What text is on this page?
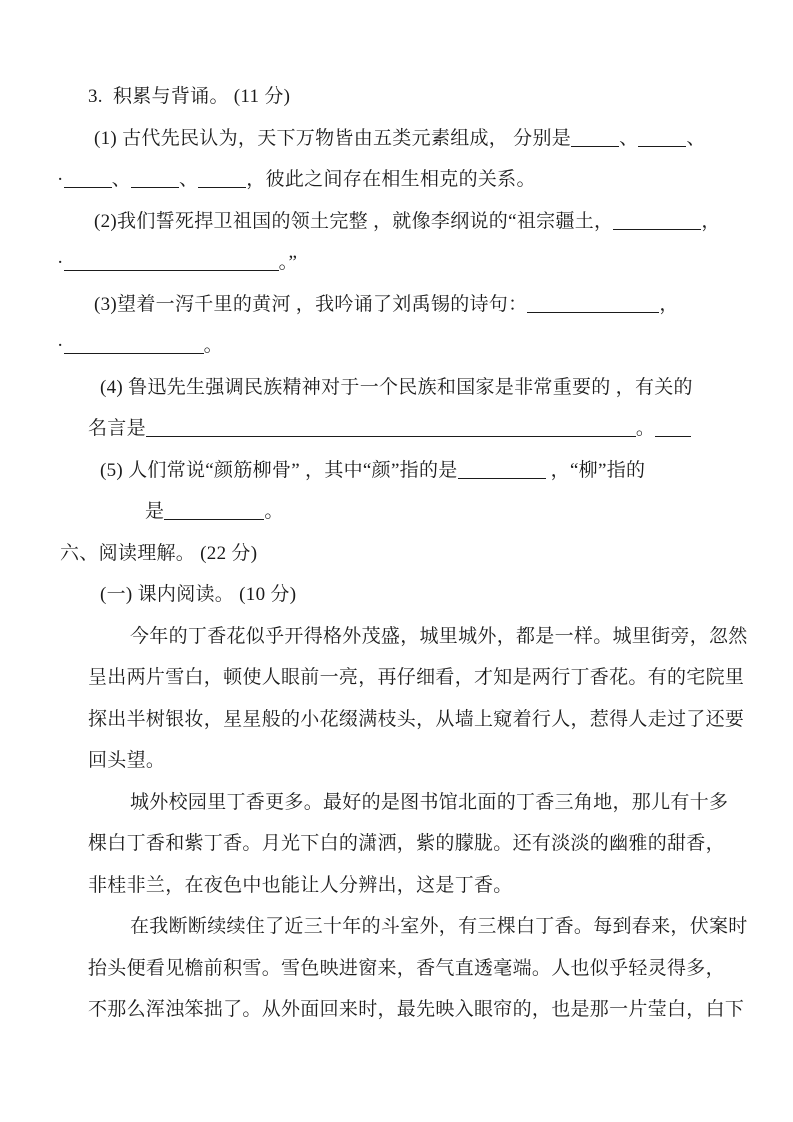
3.  积累与背诵。 (11 分)
(1) 古代先民认为，天下万物皆由五类元素组成， 分别是	、	、
·	、	、	，彼此之间存在相生相克的关系。
(2)我们誓死捍卫祖国的领土完整 ，就像李纲说的“祖宗疆土，	，
·	。”
(3)望着一泻千里的黄河 ，我吟诵了刘禹锡的诗句：	，
·	。
(4) 鲁迅先生强调民族精神对于一个民族和国家是非常重要的 ，有关的
名言是	。
(5) 人们常说“颜筋柳骨” ，其中“颜”指的是	，“柳”指的
是	。
六、阅读理解。 (22 分)
(一) 课内阅读。 (10 分)
今年的丁香花似乎开得格外茂盛，城里城外，都是一样。城里街旁，忽然
呈出两片雪白，顿使人眼前一亮，再仔细看，才知是两行丁香花。有的宅院里
探出半树银妆，星星般的小花缀满枝头，从墙上窥着行人，惹得人走过了还要
回头望。
城外校园里丁香更多。最好的是图书馆北面的丁香三角地，那儿有十多
棵白丁香和紫丁香。月光下白的潇洒，紫的朦胧。还有淡淡的幽雅的甜香，
非桂非兰，在夜色中也能让人分辨出，这是丁香。
在我断断续续住了近三十年的斗室外，有三棵白丁香。每到春来，伏案时
抬头便看见檐前积雪。雪色映进窗来，香气直透毫端。人也似乎轻灵得多，
不那么浑浊笨拙了。从外面回来时，最先映入眼帘的，也是那一片莹白，白下
